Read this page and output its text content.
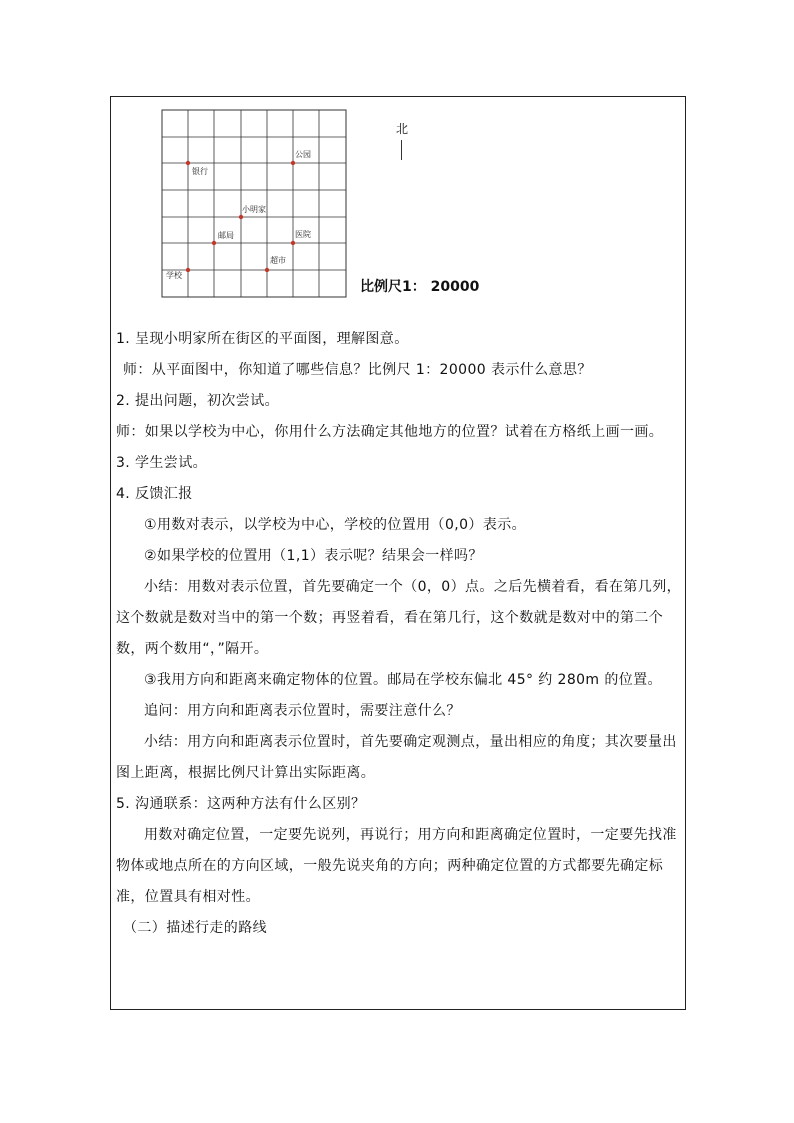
银行
公园
小明家
邮局	医院
超市
学校
北
比例尺1： 20000

1. 呈现小明家所在街区的平面图，理解图意。

师：从平面图中，你知道了哪些信息？比例尺 1：20000 表示什么意思？

2. 提出问题，初次尝试。

师：如果以学校为中心，你用什么方法确定其他地方的位置？试着在方格纸上画一画。

3. 学生尝试。

4. 反馈汇报

①用数对表示，以学校为中心，学校的位置用（0,0）表示。

②如果学校的位置用（1,1）表示呢？结果会一样吗？

小结：用数对表示位置，首先要确定一个（0，0）点。之后先横着看，看在第几列，这个数就是数对当中的第一个数；再竖着看，看在第几行，这个数就是数对中的第二个数，两个数用“，”隔开。

③我用方向和距离来确定物体的位置。邮局在学校东偏北 45° 约 280m 的位置。

追问：用方向和距离表示位置时，需要注意什么？

小结：用方向和距离表示位置时，首先要确定观测点，量出相应的角度；其次要量出图上距离，根据比例尺计算出实际距离。

5. 沟通联系：这两种方法有什么区别？

用数对确定位置，一定要先说列，再说行；用方向和距离确定位置时，一定要先找准物体或地点所在的方向区域，一般先说夹角的方向；两种确定位置的方式都要先确定标准，位置具有相对性。

（二）描述行走的路线
